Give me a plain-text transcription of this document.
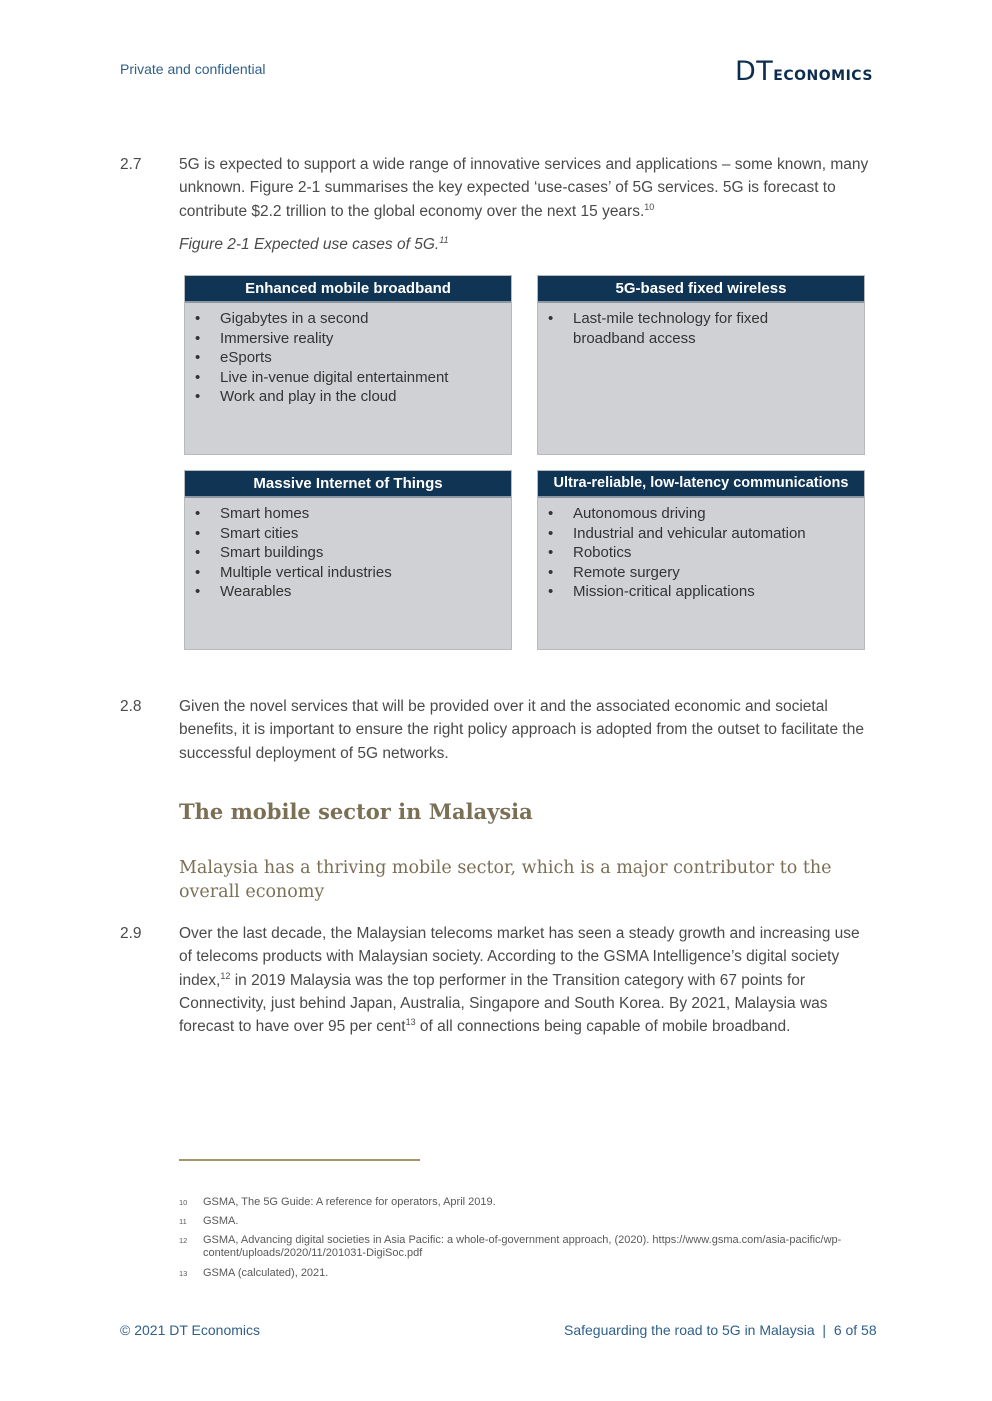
Private and confidential	DTECONOMICS
2.7	5G is expected to support a wide range of innovative services and applications – some known, many unknown. Figure 2-1 summarises the key expected ‘use-cases’ of 5G services. 5G is forecast to contribute $2.2 trillion to the global economy over the next 15 years.$^{10}$
Figure 2-1 Expected use cases of 5G.$^{11}$
Enhanced mobile broadband
• Gigabytes in a second
• Immersive reality
• eSports
• Live in-venue digital entertainment
• Work and play in the cloud
5G-based fixed wireless
• Last-mile technology for fixed broadband access
Massive Internet of Things
• Smart homes
• Smart cities
• Smart buildings
• Multiple vertical industries
• Wearables
Ultra-reliable, low-latency communications
• Autonomous driving
• Industrial and vehicular automation
• Robotics
• Remote surgery
• Mission-critical applications
2.8	Given the novel services that will be provided over it and the associated economic and societal benefits, it is important to ensure the right policy approach is adopted from the outset to facilitate the successful deployment of 5G networks.
The mobile sector in Malaysia
Malaysia has a thriving mobile sector, which is a major contributor to the overall economy
2.9	Over the last decade, the Malaysian telecoms market has seen a steady growth and increasing use of telecoms products with Malaysian society. According to the GSMA Intelligence’s digital society index,$^{12}$ in 2019 Malaysia was the top performer in the Transition category with 67 points for Connectivity, just behind Japan, Australia, Singapore and South Korea. By 2021, Malaysia was forecast to have over 95 per cent$^{13}$ of all connections being capable of mobile broadband.
10 GSMA, The 5G Guide: A reference for operators, April 2019.
11 GSMA.
12 GSMA, Advancing digital societies in Asia Pacific: a whole-of-government approach, (2020). https://www.gsma.com/asia-pacific/wp-content/uploads/2020/11/201031-DigiSoc.pdf
13 GSMA (calculated), 2021.
© 2021 DT Economics	Safeguarding the road to 5G in Malaysia | 6 of 58
